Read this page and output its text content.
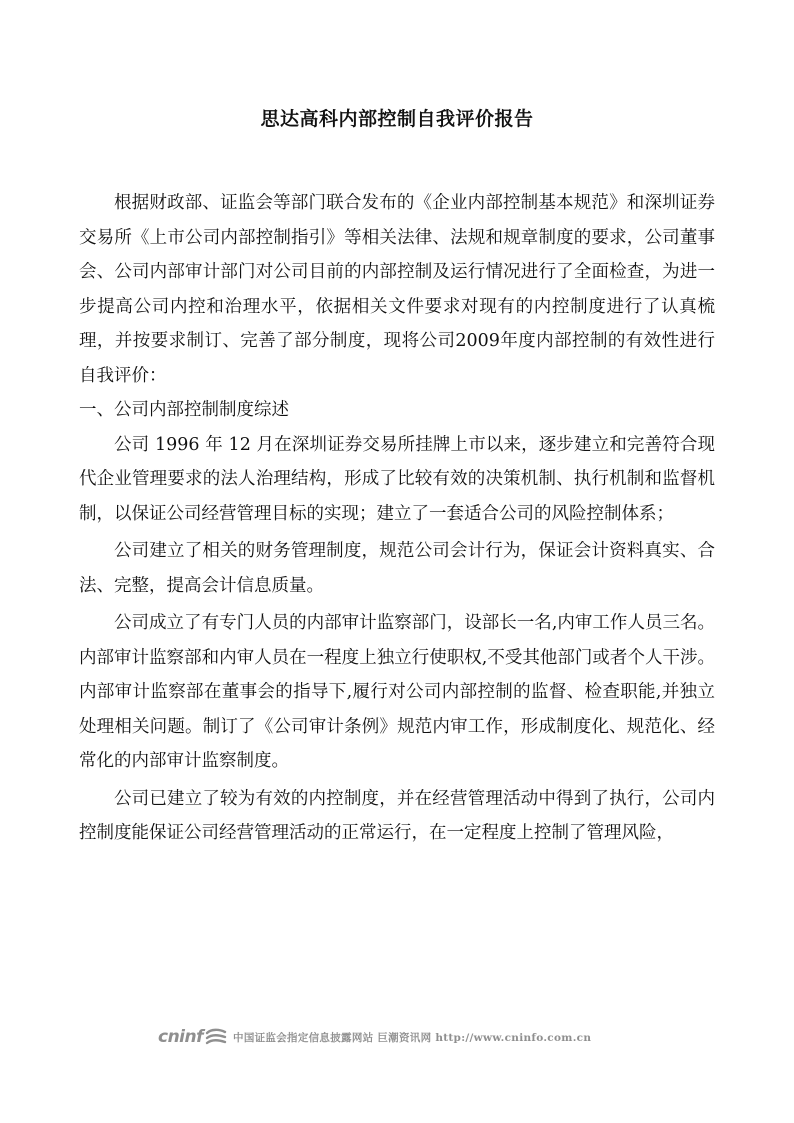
思达高科内部控制自我评价报告

根据财政部、证监会等部门联合发布的《企业内部控制基本规范》和深圳证券交易所《上市公司内部控制指引》等相关法律、法规和规章制度的要求，公司董事会、公司内部审计部门对公司目前的内部控制及运行情况进行了全面检查，为进一步提高公司内控和治理水平，依据相关文件要求对现有的内控制度进行了认真梳理，并按要求制订、完善了部分制度，现将公司2009年度内部控制的有效性进行自我评价：

一、公司内部控制制度综述

公司 1996 年 12 月在深圳证券交易所挂牌上市以来，逐步建立和完善符合现代企业管理要求的法人治理结构，形成了比较有效的决策机制、执行机制和监督机制，以保证公司经营管理目标的实现；建立了一套适合公司的风险控制体系；

公司建立了相关的财务管理制度，规范公司会计行为，保证会计资料真实、合法、完整，提高会计信息质量。

公司成立了有专门人员的内部审计监察部门，设部长一名,内审工作人员三名。内部审计监察部和内审人员在一程度上独立行使职权,不受其他部门或者个人干涉。内部审计监察部在董事会的指导下,履行对公司内部控制的监督、检查职能,并独立处理相关问题。制订了《公司审计条例》规范内审工作，形成制度化、规范化、经常化的内部审计监察制度。

公司已建立了较为有效的内控制度，并在经营管理活动中得到了执行，公司内控制度能保证公司经营管理活动的正常运行，在一定程度上控制了管理风险，

cninf	中国证监会指定信息披露网站 巨潮资讯网 http://www.cninfo.com.cn
